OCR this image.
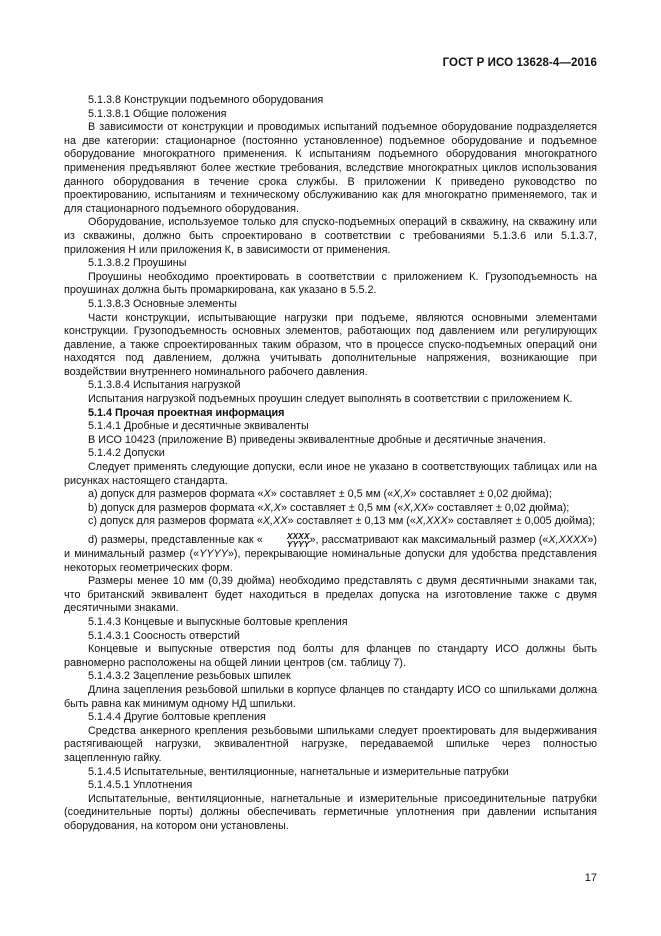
ГОСТ Р ИСО 13628-4—2016

5.1.3.8 Конструкции подъемного оборудования

5.1.3.8.1 Общие положения

В зависимости от конструкции и проводимых испытаний подъемное оборудование подразделяется на две категории: стационарное (постоянно установленное) подъемное оборудование и подъемное оборудование многократного применения. К испытаниям подъемного оборудования многократного применения предъявляют более жесткие требования, вследствие многократных циклов использования данного оборудования в течение срока службы. В приложении К приведено руководство по проектированию, испытаниям и техническому обслуживанию как для многократно применяемого, так и для стационарного подъемного оборудования.

Оборудование, используемое только для спуско-подъемных операций в скважину, на скважину или из скважины, должно быть спроектировано в соответствии с требованиями 5.1.3.6 или 5.1.3.7, приложения Н или приложения К, в зависимости от применения.

5.1.3.8.2 Проушины

Проушины необходимо проектировать в соответствии с приложением К. Грузоподъемность на проушинах должна быть промаркирована, как указано в 5.5.2.

5.1.3.8.3 Основные элементы

Части конструкции, испытывающие нагрузки при подъеме, являются основными элементами конструкции. Грузоподъемность основных элементов, работающих под давлением или регулирующих давление, а также спроектированных таким образом, что в процессе спуско-подъемных операций они находятся под давлением, должна учитывать дополнительные напряжения, возникающие при воздействии внутреннего номинального рабочего давления.

5.1.3.8.4 Испытания нагрузкой

Испытания нагрузкой подъемных проушин следует выполнять в соответствии с приложением К.

5.1.4 Прочая проектная информация

5.1.4.1 Дробные и десятичные эквиваленты

В ИСО 10423 (приложение В) приведены эквивалентные дробные и десятичные значения.

5.1.4.2 Допуски

Следует применять следующие допуски, если иное не указано в соответствующих таблицах или на рисунках настоящего стандарта.

а) допуск для размеров формата «X» составляет ± 0,5 мм («X,X» составляет ± 0,02 дюйма);

b) допуск для размеров формата «X,X» составляет ± 0,5 мм («X,XX» составляет ± 0,02 дюйма);

с) допуск для размеров формата «X,XX» составляет ± 0,13 мм («X,XXX» составляет ± 0,005 дюйма);

d) размеры, представленные как «	XXXX
YYYY », рассматривают как максимальный размер («X,XXXX») и минимальный размер («YYYY»), перекрывающие номинальные допуски для удобства представления некоторых геометрических форм.

Размеры менее 10 мм (0,39 дюйма) необходимо представлять с двумя десятичными знаками так, что британский эквивалент будет находиться в пределах допуска на изготовление также с двумя десятичными знаками.

5.1.4.3 Концевые и выпускные болтовые крепления

5.1.4.3.1 Соосность отверстий

Концевые и выпускные отверстия под болты для фланцев по стандарту ИСО должны быть равномерно расположены на общей линии центров (см. таблицу 7).

5.1.4.3.2 Зацепление резьбовых шпилек

Длина зацепления резьбовой шпильки в корпусе фланцев по стандарту ИСО со шпильками должна быть равна как минимум одному НД шпильки.

5.1.4.4 Другие болтовые крепления

Средства анкерного крепления резьбовыми шпильками следует проектировать для выдерживания растягивающей нагрузки, эквивалентной нагрузке, передаваемой шпильке через полностью зацепленную гайку.

5.1.4.5 Испытательные, вентиляционные, нагнетальные и измерительные патрубки

5.1.4.5.1 Уплотнения

Испытательные, вентиляционные, нагнетальные и измерительные присоединительные патрубки (соединительные порты) должны обеспечивать герметичные уплотнения при давлении испытания оборудования, на котором они установлены.

17
